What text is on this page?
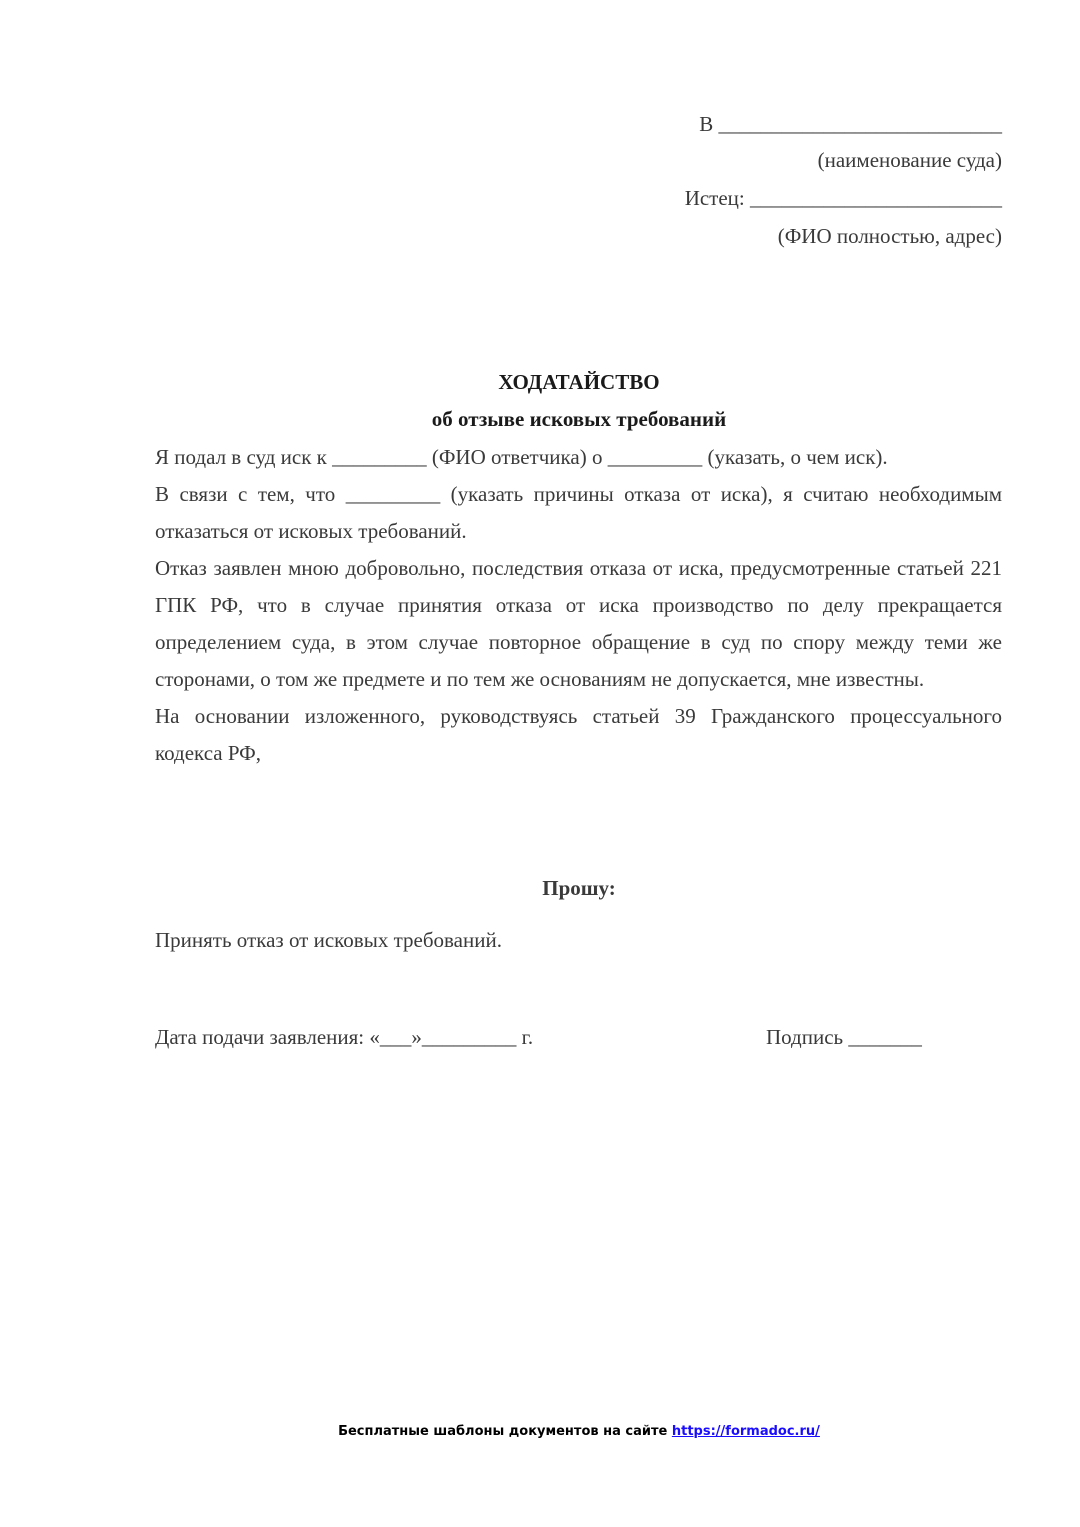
В ___________________________
(наименование суда)
Истец: ________________________
(ФИО полностью, адрес)
ХОДАТАЙСТВО
об отзыве исковых требований

Я подал в суд иск к _________ (ФИО ответчика) о _________ (указать, о чем иск).

В связи с тем, что _________ (указать причины отказа от иска), я считаю необходимым отказаться от исковых требований.

Отказ заявлен мною добровольно, последствия отказа от иска, предусмотренные статьей 221 ГПК РФ, что в случае принятия отказа от иска производство по делу прекращается определением суда, в этом случае повторное обращение в суд по спору между теми же сторонами, о том же предмете и по тем же основаниям не допускается, мне известны.

На основании изложенного, руководствуясь статьей 39 Гражданского процессуального кодекса РФ,

Прошу:
Принять отказ от исковых требований.
Дата подачи заявления: «___»_________ г.	Подпись _______
Бесплатные шаблоны документов на сайте https://formadoc.ru/
